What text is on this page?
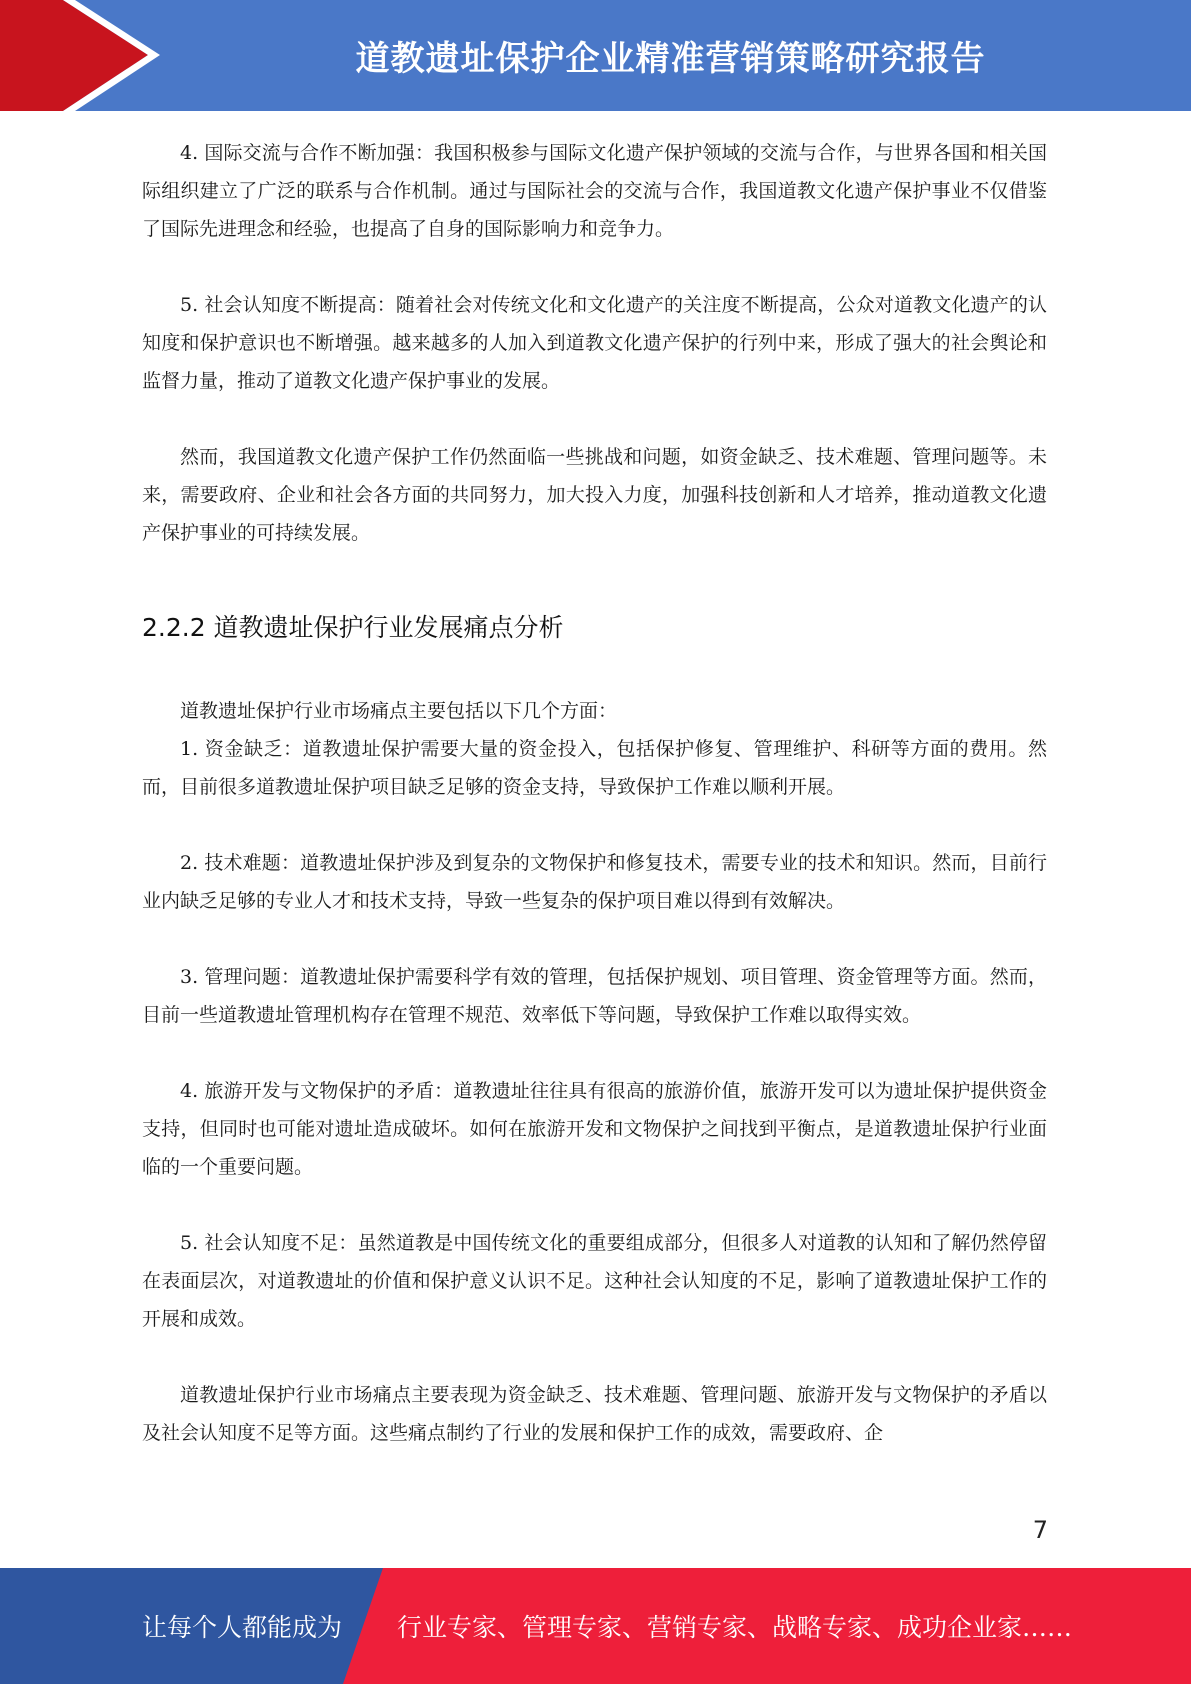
道教遗址保护企业精准营销策略研究报告

4. 国际交流与合作不断加强：我国积极参与国际文化遗产保护领域的交流与合作，与世界各国和相关国际组织建立了广泛的联系与合作机制。通过与国际社会的交流与合作，我国道教文化遗产保护事业不仅借鉴了国际先进理念和经验，也提高了自身的国际影响力和竞争力。

5. 社会认知度不断提高：随着社会对传统文化和文化遗产的关注度不断提高，公众对道教文化遗产的认知度和保护意识也不断增强。越来越多的人加入到道教文化遗产保护的行列中来，形成了强大的社会舆论和监督力量，推动了道教文化遗产保护事业的发展。

然而，我国道教文化遗产保护工作仍然面临一些挑战和问题，如资金缺乏、技术难题、管理问题等。未来，需要政府、企业和社会各方面的共同努力，加大投入力度，加强科技创新和人才培养，推动道教文化遗产保护事业的可持续发展。

2.2.2 道教遗址保护行业发展痛点分析

道教遗址保护行业市场痛点主要包括以下几个方面：

1. 资金缺乏：道教遗址保护需要大量的资金投入，包括保护修复、管理维护、科研等方面的费用。然而，目前很多道教遗址保护项目缺乏足够的资金支持，导致保护工作难以顺利开展。

2. 技术难题：道教遗址保护涉及到复杂的文物保护和修复技术，需要专业的技术和知识。然而，目前行业内缺乏足够的专业人才和技术支持，导致一些复杂的保护项目难以得到有效解决。

3. 管理问题：道教遗址保护需要科学有效的管理，包括保护规划、项目管理、资金管理等方面。然而，目前一些道教遗址管理机构存在管理不规范、效率低下等问题，导致保护工作难以取得实效。

4. 旅游开发与文物保护的矛盾：道教遗址往往具有很高的旅游价值，旅游开发可以为遗址保护提供资金支持，但同时也可能对遗址造成破坏。如何在旅游开发和文物保护之间找到平衡点，是道教遗址保护行业面临的一个重要问题。

5. 社会认知度不足：虽然道教是中国传统文化的重要组成部分，但很多人对道教的认知和了解仍然停留在表面层次，对道教遗址的价值和保护意义认识不足。这种社会认知度的不足，影响了道教遗址保护工作的开展和成效。

道教遗址保护行业市场痛点主要表现为资金缺乏、技术难题、管理问题、旅游开发与文物保护的矛盾以及社会认知度不足等方面。这些痛点制约了行业的发展和保护工作的成效，需要政府、企

7
让每个人都能成为 行业专家、管理专家、营销专家、战略专家、成功企业家……
